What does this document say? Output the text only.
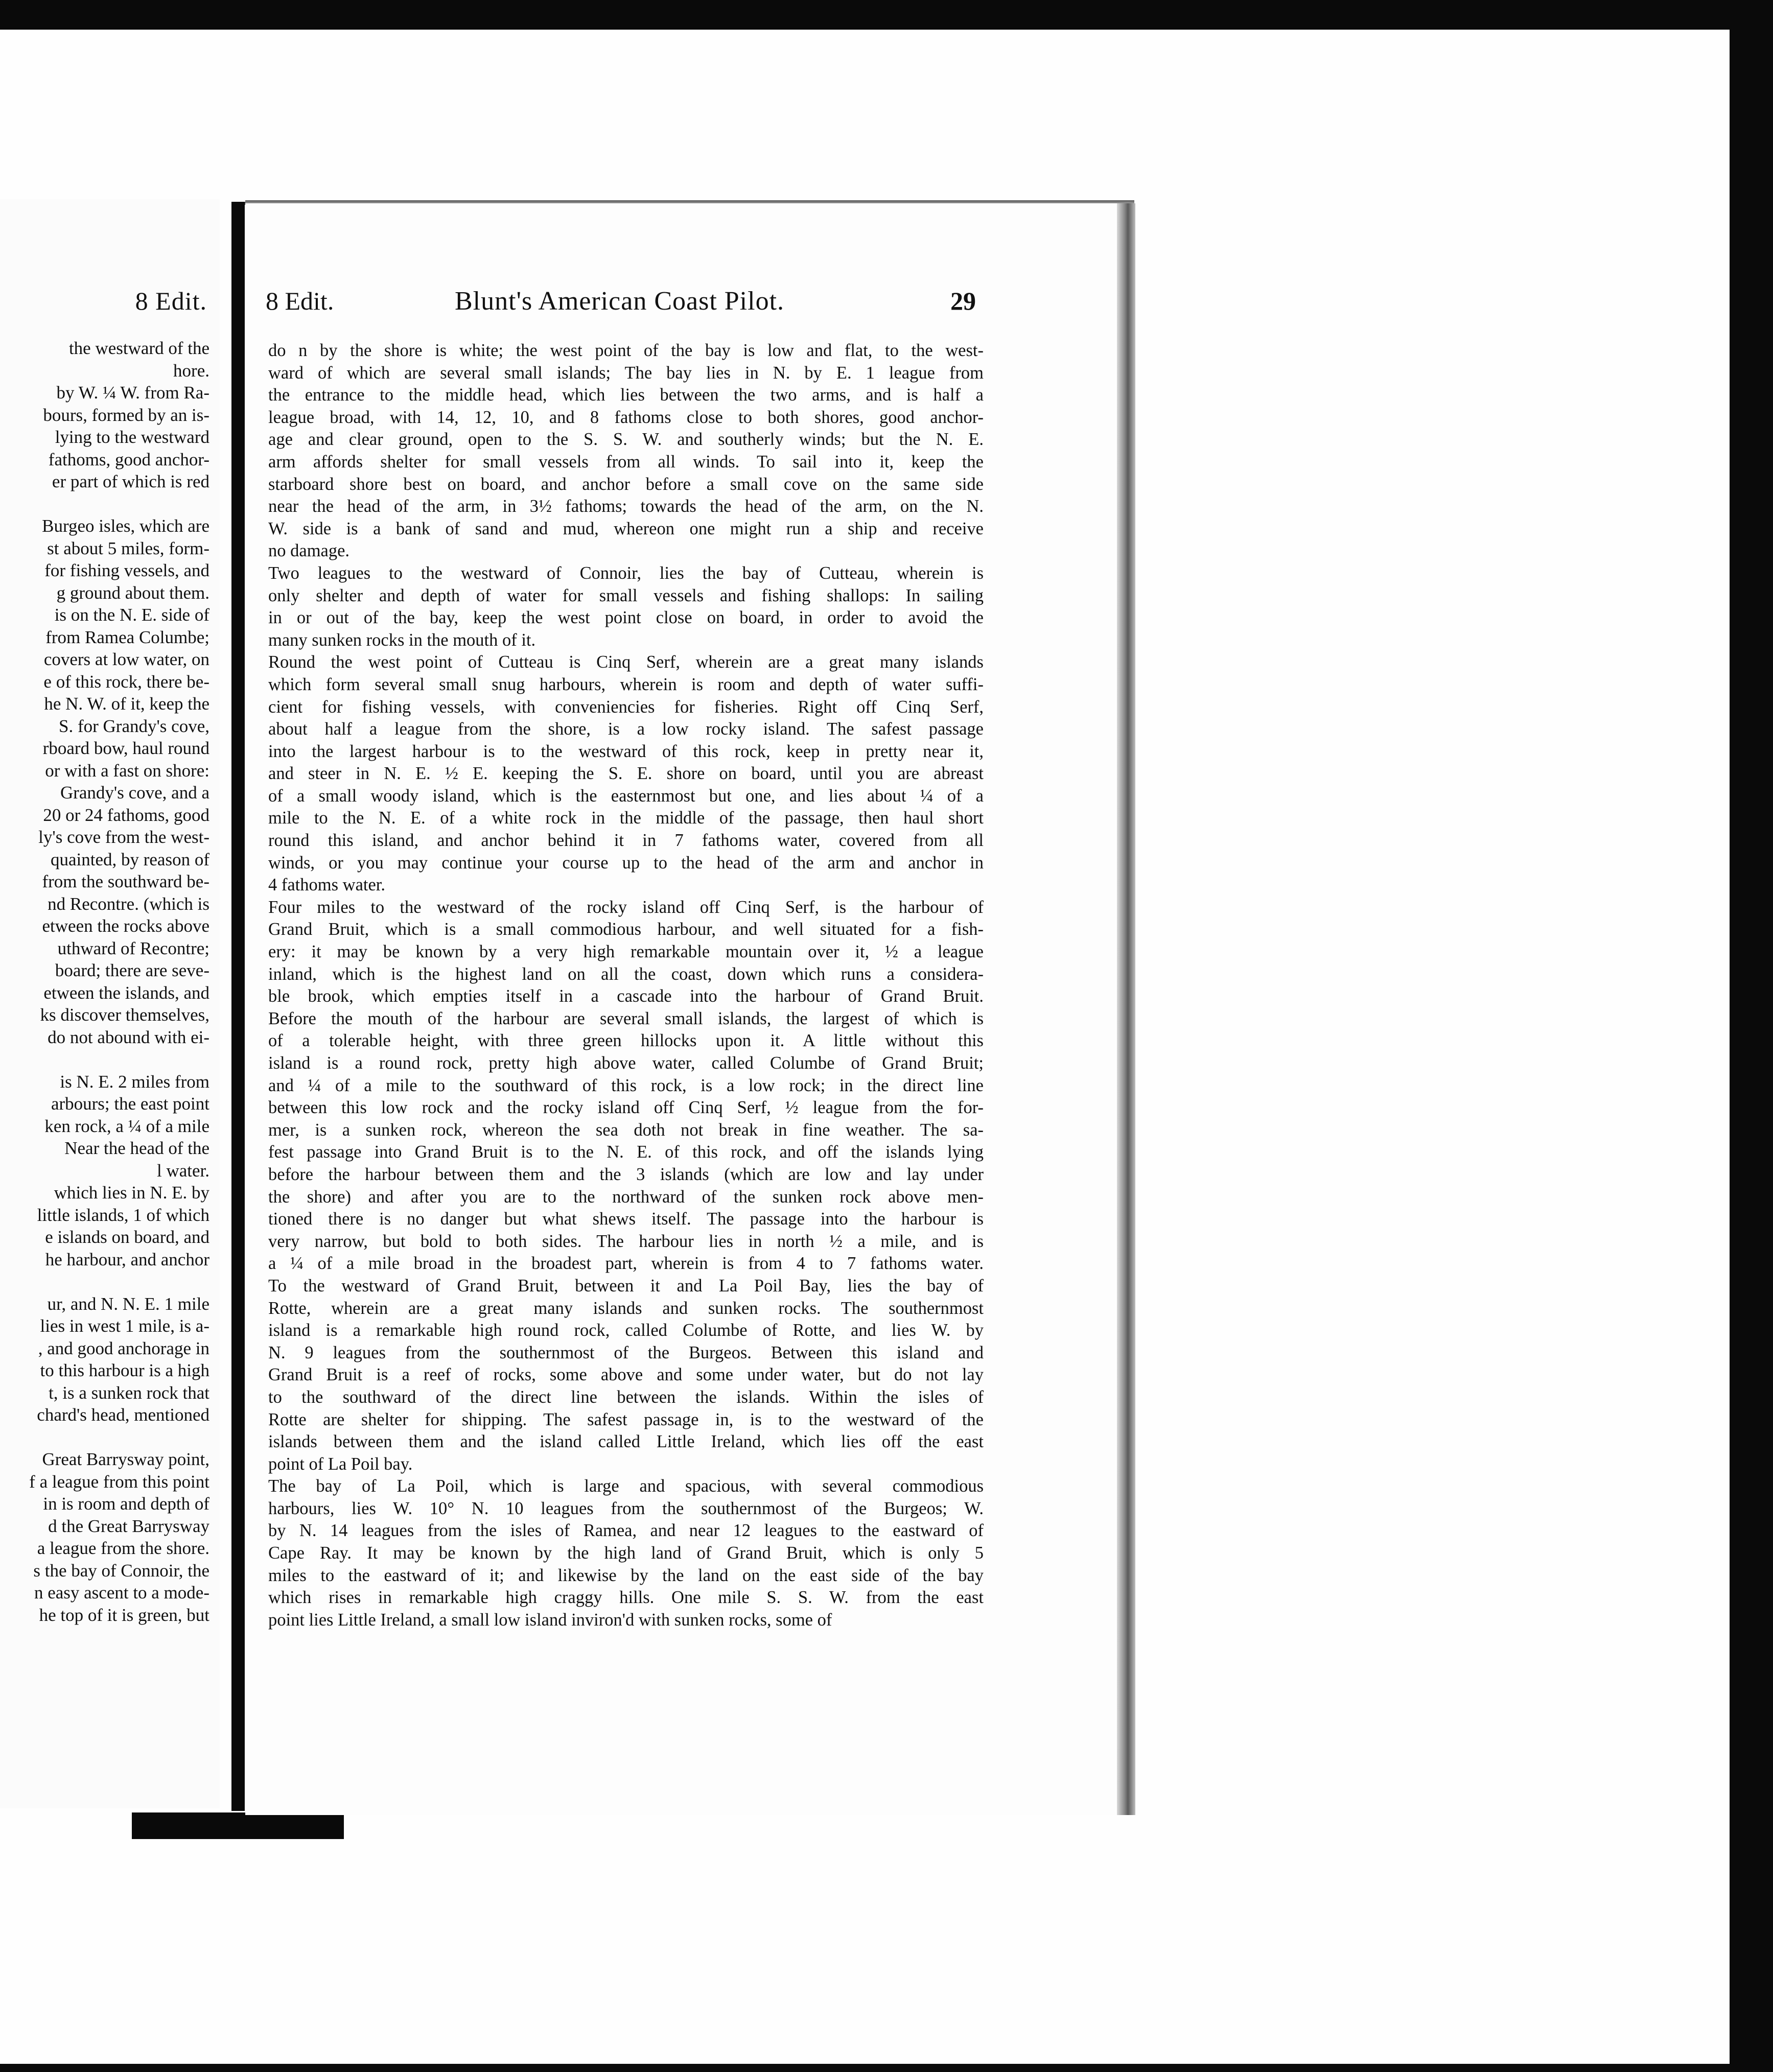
8 Edit.
the westward of the
hore.
by W. ¼ W. from Ra-
bours, formed by an is-
lying to the westward
fathoms, good anchor-
er part of which is red
Burgeo isles, which are
st about 5 miles, form-
for fishing vessels, and
g ground about them.
is on the N. E. side of
from Ramea Columbe;
covers at low water, on
e of this rock, there be-
he N. W. of it, keep the
S. for Grandy's cove,
rboard bow, haul round
or with a fast on shore:
Grandy's cove, and a
20 or 24 fathoms, good
ly's cove from the west-
quainted, by reason of
from the southward be-
nd Recontre. (which is
etween the rocks above
uthward of Recontre;
board; there are seve-
etween the islands, and
ks discover themselves,
do not abound with ei-
is N. E. 2 miles from
arbours; the east point
ken rock, a ¼ of a mile
Near the head of the
l water.
which lies in N. E. by
little islands, 1 of which
e islands on board, and
he harbour, and anchor
ur, and N. N. E. 1 mile
lies in west 1 mile, is a-
, and good anchorage in
to this harbour is a high
t, is a sunken rock that
chard's head, mentioned
Great Barrysway point,
f a league from this point
in is room and depth of
d the Great Barrysway
a league from the shore.
s the bay of Connoir, the
n easy ascent to a mode-
he top of it is green, but
8 Edit.	Blunt's American Coast Pilot.	29
do n by the shore is white; the west point of the bay is low and flat, to the west-
ward of which are several small islands; The bay lies in N. by E. 1 league from
the entrance to the middle head, which lies between the two arms, and is half a
league broad, with 14, 12, 10, and 8 fathoms close to both shores, good anchor-
age and clear ground, open to the S. S. W. and southerly winds; but the N. E.
arm affords shelter for small vessels from all winds. To sail into it, keep the
starboard shore best on board, and anchor before a small cove on the same side
near the head of the arm, in 3½ fathoms; towards the head of the arm, on the N.
W. side is a bank of sand and mud, whereon one might run a ship and receive
no damage.
Two leagues to the westward of Connoir, lies the bay of Cutteau, wherein is
only shelter and depth of water for small vessels and fishing shallops: In sailing
in or out of the bay, keep the west point close on board, in order to avoid the
many sunken rocks in the mouth of it.
Round the west point of Cutteau is Cinq Serf, wherein are a great many islands
which form several small snug harbours, wherein is room and depth of water suffi-
cient for fishing vessels, with conveniencies for fisheries. Right off Cinq Serf,
about half a league from the shore, is a low rocky island. The safest passage
into the largest harbour is to the westward of this rock, keep in pretty near it,
and steer in N. E. ½ E. keeping the S. E. shore on board, until you are abreast
of a small woody island, which is the easternmost but one, and lies about ¼ of a
mile to the N. E. of a white rock in the middle of the passage, then haul short
round this island, and anchor behind it in 7 fathoms water, covered from all
winds, or you may continue your course up to the head of the arm and anchor in
4 fathoms water.
Four miles to the westward of the rocky island off Cinq Serf, is the harbour of
Grand Bruit, which is a small commodious harbour, and well situated for a fish-
ery: it may be known by a very high remarkable mountain over it, ½ a league
inland, which is the highest land on all the coast, down which runs a considera-
ble brook, which empties itself in a cascade into the harbour of Grand Bruit.
Before the mouth of the harbour are several small islands, the largest of which is
of a tolerable height, with three green hillocks upon it. A little without this
island is a round rock, pretty high above water, called Columbe of Grand Bruit;
and ¼ of a mile to the southward of this rock, is a low rock; in the direct line
between this low rock and the rocky island off Cinq Serf, ½ league from the for-
mer, is a sunken rock, whereon the sea doth not break in fine weather. The sa-
fest passage into Grand Bruit is to the N. E. of this rock, and off the islands lying
before the harbour between them and the 3 islands (which are low and lay under
the shore) and after you are to the northward of the sunken rock above men-
tioned there is no danger but what shews itself. The passage into the harbour is
very narrow, but bold to both sides. The harbour lies in north ½ a mile, and is
a ¼ of a mile broad in the broadest part, wherein is from 4 to 7 fathoms water.
To the westward of Grand Bruit, between it and La Poil Bay, lies the bay of
Rotte, wherein are a great many islands and sunken rocks. The southernmost
island is a remarkable high round rock, called Columbe of Rotte, and lies W. by
N. 9 leagues from the southernmost of the Burgeos. Between this island and
Grand Bruit is a reef of rocks, some above and some under water, but do not lay
to the southward of the direct line between the islands. Within the isles of
Rotte are shelter for shipping. The safest passage in, is to the westward of the
islands between them and the island called Little Ireland, which lies off the east
point of La Poil bay.
The bay of La Poil, which is large and spacious, with several commodious
harbours, lies W. 10° N. 10 leagues from the southernmost of the Burgeos; W.
by N. 14 leagues from the isles of Ramea, and near 12 leagues to the eastward of
Cape Ray. It may be known by the high land of Grand Bruit, which is only 5
miles to the eastward of it; and likewise by the land on the east side of the bay
which rises in remarkable high craggy hills. One mile S. S. W. from the east
point lies Little Ireland, a small low island inviron'd with sunken rocks, some of
